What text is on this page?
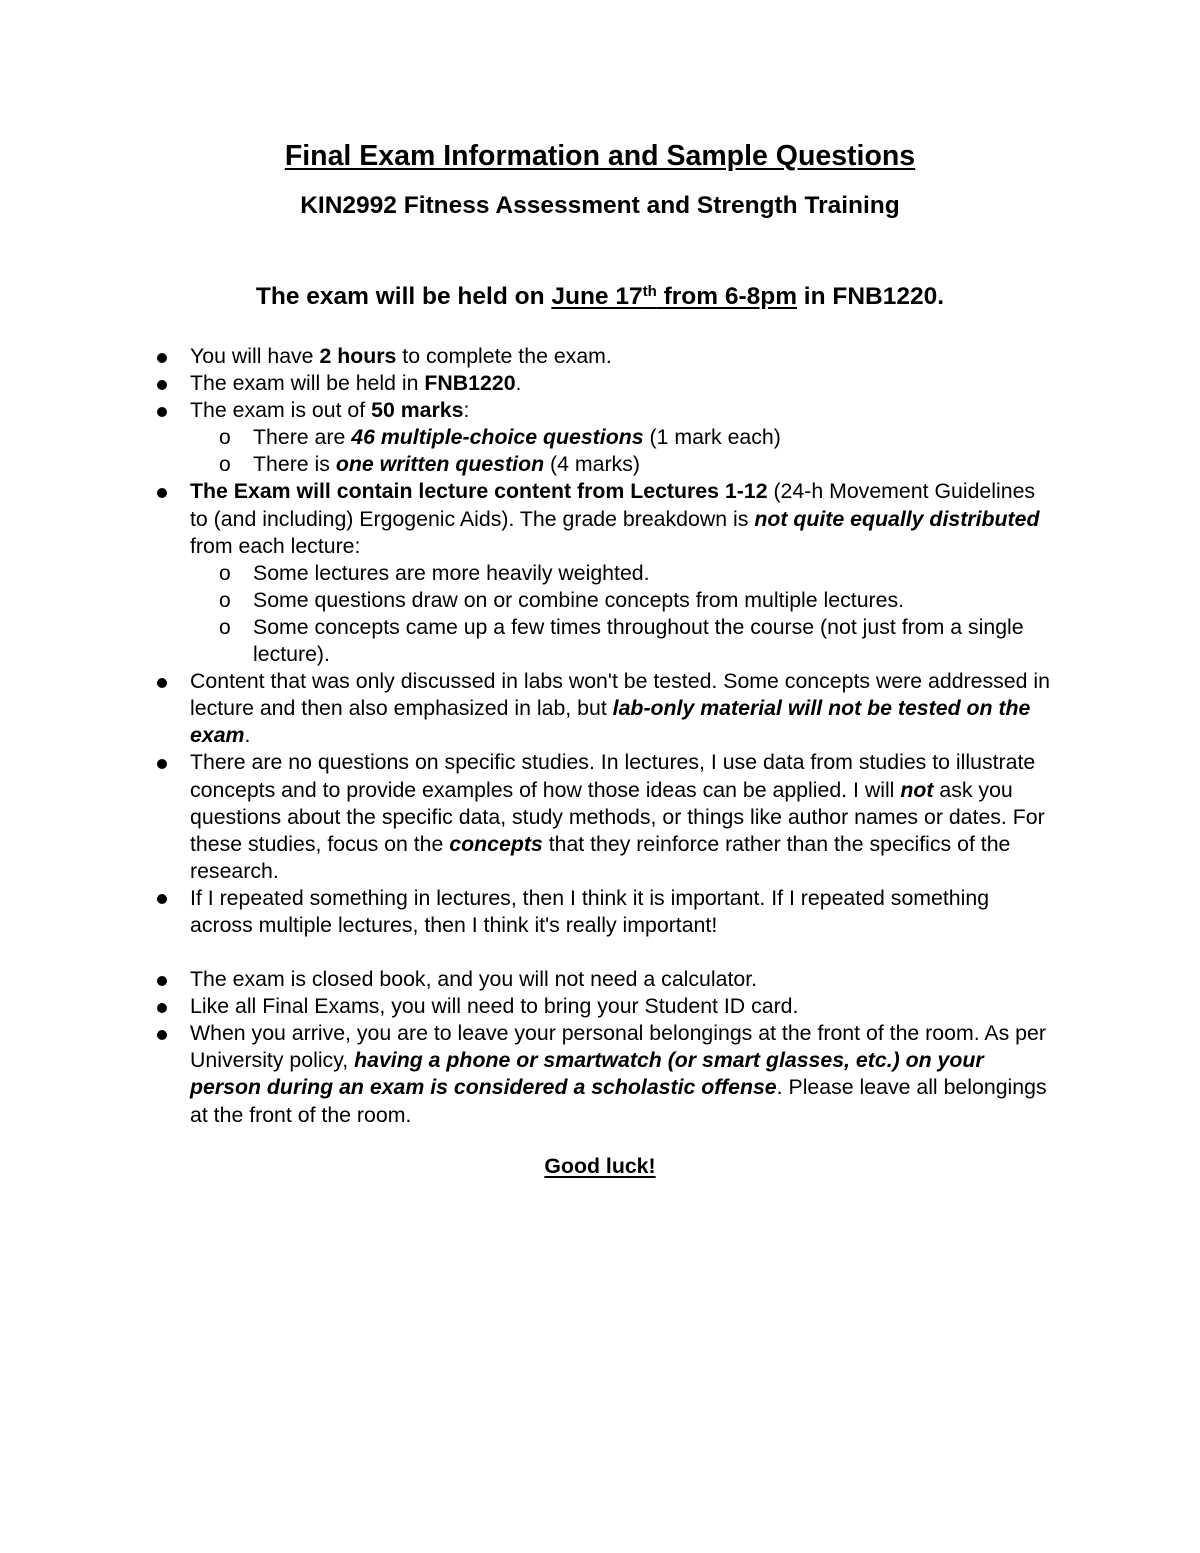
Final Exam Information and Sample Questions
KIN2992 Fitness Assessment and Strength Training
The exam will be held on June 17th from 6-8pm in FNB1220.
You will have 2 hours to complete the exam.
The exam will be held in FNB1220.
The exam is out of 50 marks:
o There are 46 multiple-choice questions (1 mark each)
o There is one written question (4 marks)
The Exam will contain lecture content from Lectures 1-12 (24-h Movement Guidelines to (and including) Ergogenic Aids). The grade breakdown is not quite equally distributed from each lecture:
o Some lectures are more heavily weighted.
o Some questions draw on or combine concepts from multiple lectures.
o Some concepts came up a few times throughout the course (not just from a single lecture).
Content that was only discussed in labs won't be tested. Some concepts were addressed in lecture and then also emphasized in lab, but lab-only material will not be tested on the exam.
There are no questions on specific studies. In lectures, I use data from studies to illustrate concepts and to provide examples of how those ideas can be applied. I will not ask you questions about the specific data, study methods, or things like author names or dates. For these studies, focus on the concepts that they reinforce rather than the specifics of the research.
If I repeated something in lectures, then I think it is important. If I repeated something across multiple lectures, then I think it's really important!
The exam is closed book, and you will not need a calculator.
Like all Final Exams, you will need to bring your Student ID card.
When you arrive, you are to leave your personal belongings at the front of the room. As per University policy, having a phone or smartwatch (or smart glasses, etc.) on your person during an exam is considered a scholastic offense. Please leave all belongings at the front of the room.
Good luck!
